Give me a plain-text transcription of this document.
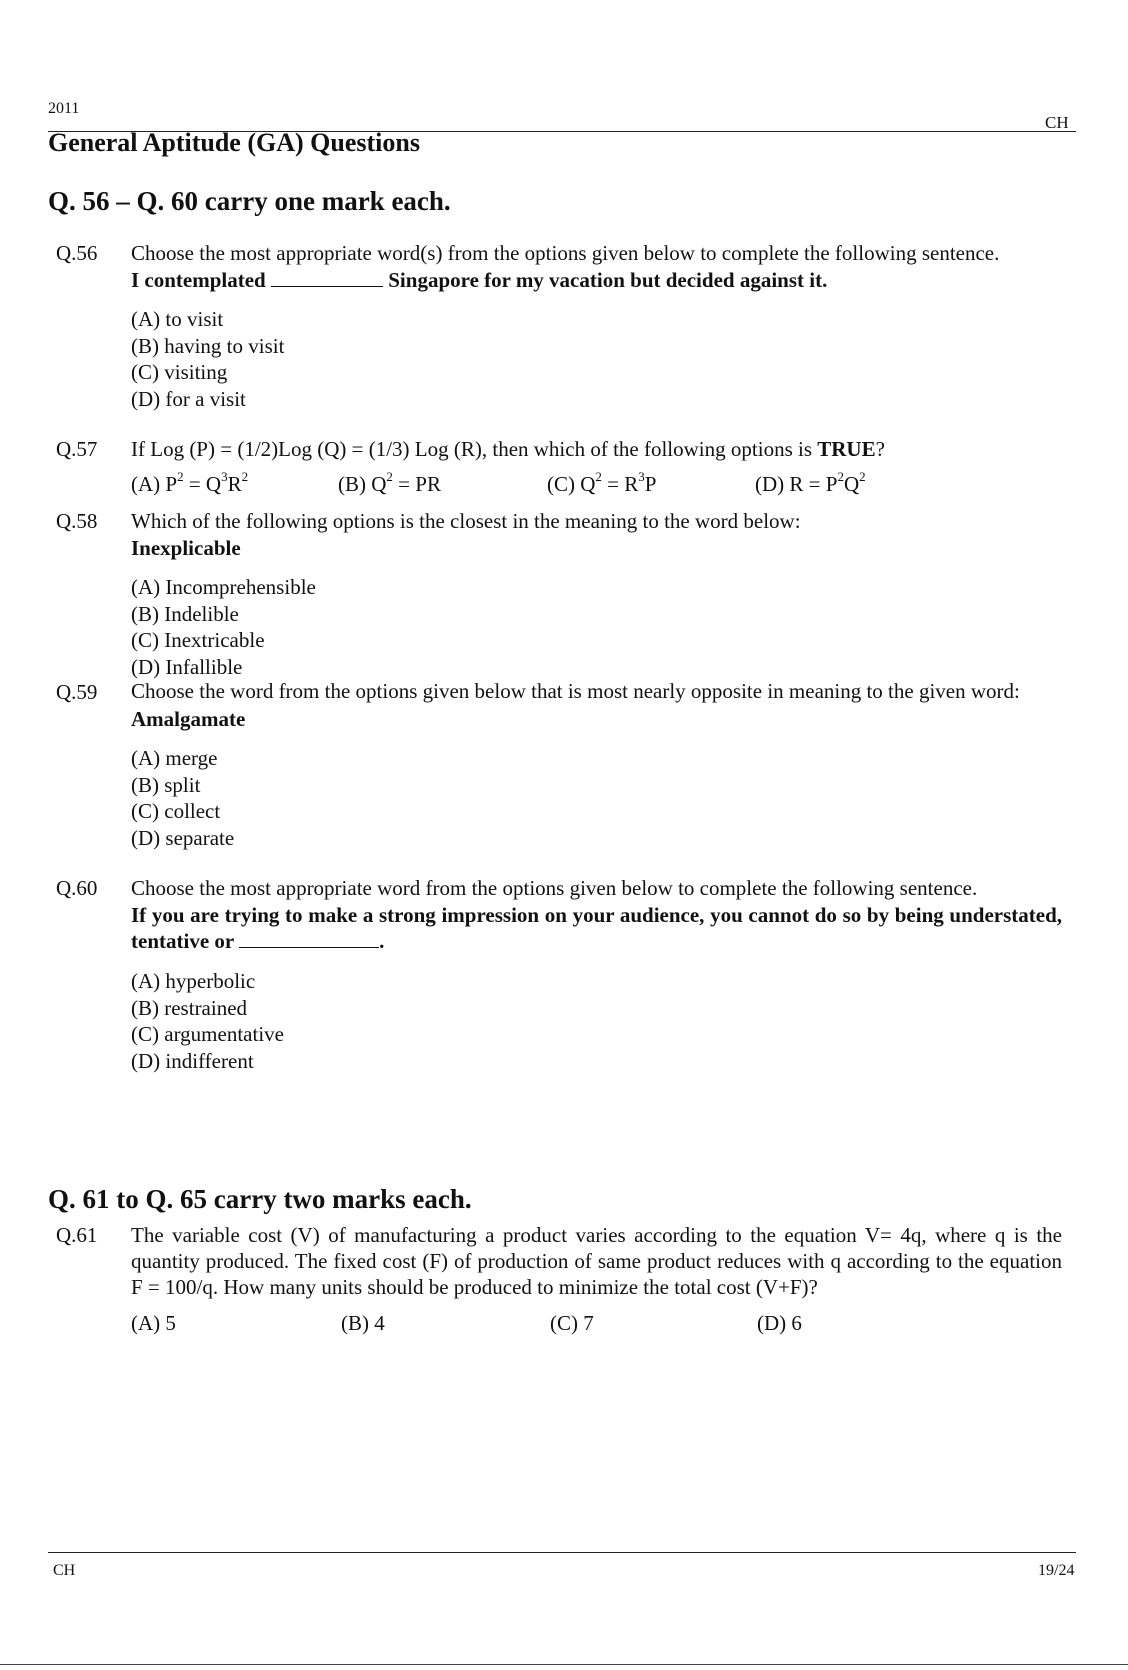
2011
CH
General Aptitude (GA) Questions
Q. 56 – Q. 60 carry one mark each.
Q.56 Choose the most appropriate word(s) from the options given below to complete the following sentence.
I contemplated	Singapore for my vacation but decided against it.
(A) to visit
(B) having to visit
(C) visiting
(D) for a visit
Q.57 If Log (P) = (1/2)Log (Q) = (1/3) Log (R), then which of the following options is TRUE?
(A) $P^2 = Q^3R^2$	(B) $Q^2$ = PR	(C) $Q^2 = R^3P$	(D) $R = P^2Q^2$
Q.58 Which of the following options is the closest in the meaning to the word below:
Inexplicable
(A) Incomprehensible
(B) Indelible
(C) Inextricable
(D) Infallible
Q.59 Choose the word from the options given below that is most nearly opposite in meaning to the given word:
Amalgamate
(A) merge
(B) split
(C) collect
(D) separate
Q.60 Choose the most appropriate word from the options given below to complete the following sentence.
If you are trying to make a strong impression on your audience, you cannot do so by being understated, tentative or	.
(A) hyperbolic
(B) restrained
(C) argumentative
(D) indifferent
Q. 61 to Q. 65 carry two marks each.
Q.61 The variable cost (V) of manufacturing a product varies according to the equation V= 4q, where q is the quantity produced. The fixed cost (F) of production of same product reduces with q according to the equation F = 100/q. How many units should be produced to minimize the total cost (V+F)?
(A) 5	(B) 4	(C) 7	(D) 6
CH	19/24
